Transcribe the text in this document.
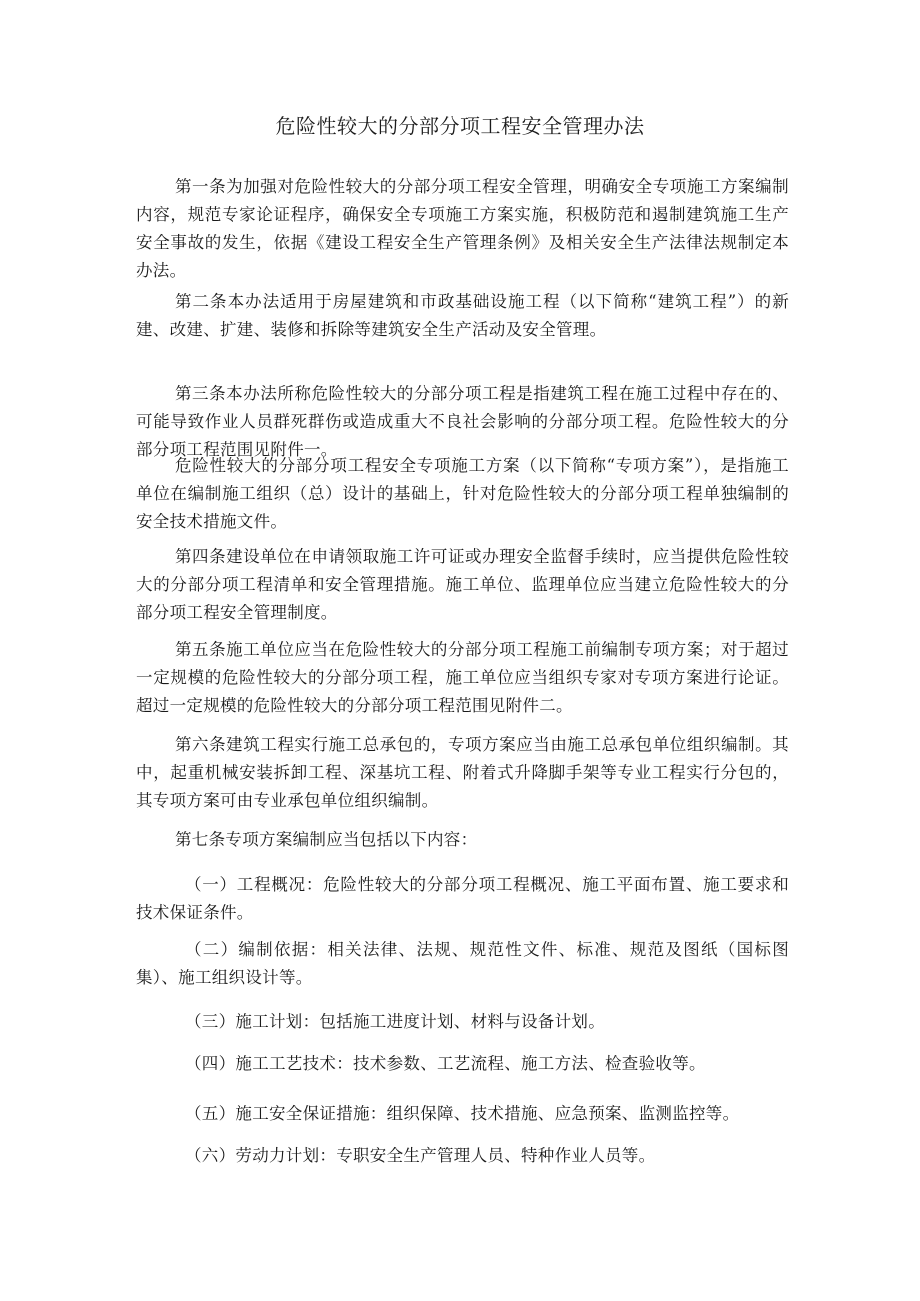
危险性较大的分部分项工程安全管理办法

第一条为加强对危险性较大的分部分项工程安全管理，明确安全专项施工方案编制内容，规范专家论证程序，确保安全专项施工方案实施，积极防范和遏制建筑施工生产安全事故的发生，依据《建设工程安全生产管理条例》及相关安全生产法律法规制定本办法。

第二条本办法适用于房屋建筑和市政基础设施工程（以下简称“建筑工程”）的新建、改建、扩建、装修和拆除等建筑安全生产活动及安全管理。

第三条本办法所称危险性较大的分部分项工程是指建筑工程在施工过程中存在的、可能导致作业人员群死群伤或造成重大不良社会影响的分部分项工程。危险性较大的分部分项工程范围见附件一。

危险性较大的分部分项工程安全专项施工方案（以下简称“专项方案”），是指施工单位在编制施工组织（总）设计的基础上，针对危险性较大的分部分项工程单独编制的安全技术措施文件。

第四条建设单位在申请领取施工许可证或办理安全监督手续时，应当提供危险性较大的分部分项工程清单和安全管理措施。施工单位、监理单位应当建立危险性较大的分部分项工程安全管理制度。

第五条施工单位应当在危险性较大的分部分项工程施工前编制专项方案；对于超过一定规模的危险性较大的分部分项工程，施工单位应当组织专家对专项方案进行论证。超过一定规模的危险性较大的分部分项工程范围见附件二。

第六条建筑工程实行施工总承包的，专项方案应当由施工总承包单位组织编制。其中，起重机械安装拆卸工程、深基坑工程、附着式升降脚手架等专业工程实行分包的，其专项方案可由专业承包单位组织编制。

第七条专项方案编制应当包括以下内容：

（一）工程概况：危险性较大的分部分项工程概况、施工平面布置、施工要求和技术保证条件。

（二）编制依据：相关法律、法规、规范性文件、标准、规范及图纸（国标图集）、施工组织设计等。

（三）施工计划：包括施工进度计划、材料与设备计划。

（四）施工工艺技术：技术参数、工艺流程、施工方法、检查验收等。

（五）施工安全保证措施：组织保障、技术措施、应急预案、监测监控等。

（六）劳动力计划：专职安全生产管理人员、特种作业人员等。
